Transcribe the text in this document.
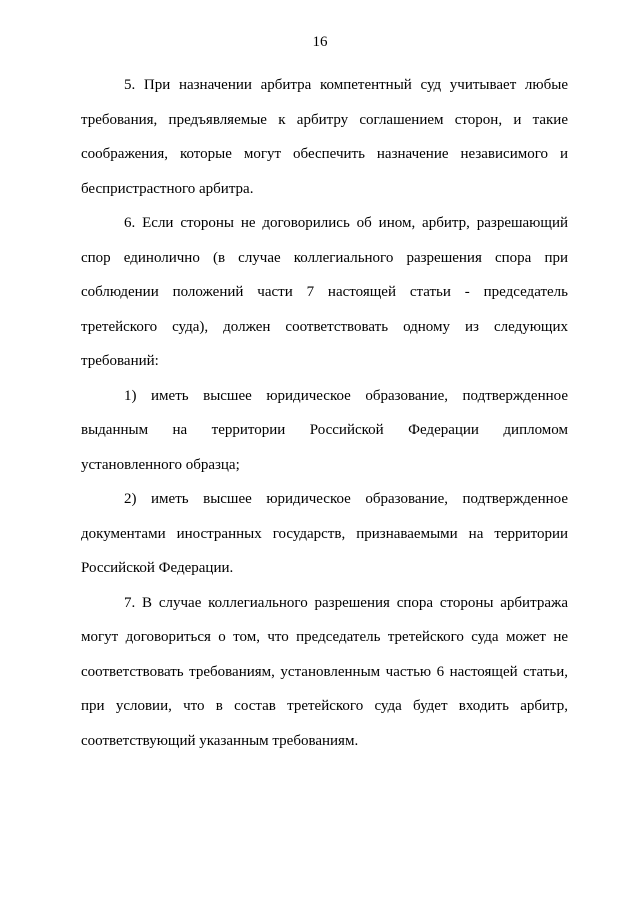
16

5. При назначении арбитра компетентный суд учитывает любые требования, предъявляемые к арбитру соглашением сторон, и такие соображения, которые могут обеспечить назначение независимого и беспристрастного арбитра.

6. Если стороны не договорились об ином, арбитр, разрешающий спор единолично (в случае коллегиального разрешения спора при соблюдении положений части 7 настоящей статьи - председатель третейского суда), должен соответствовать одному из следующих требований:

1) иметь высшее юридическое образование, подтвержденное выданным на территории Российской Федерации дипломом установленного образца;

2) иметь высшее юридическое образование, подтвержденное документами иностранных государств, признаваемыми на территории Российской Федерации.

7. В случае коллегиального разрешения спора стороны арбитража могут договориться о том, что председатель третейского суда может не соответствовать требованиям, установленным частью 6 настоящей статьи, при условии, что в состав третейского суда будет входить арбитр, соответствующий указанным требованиям.
